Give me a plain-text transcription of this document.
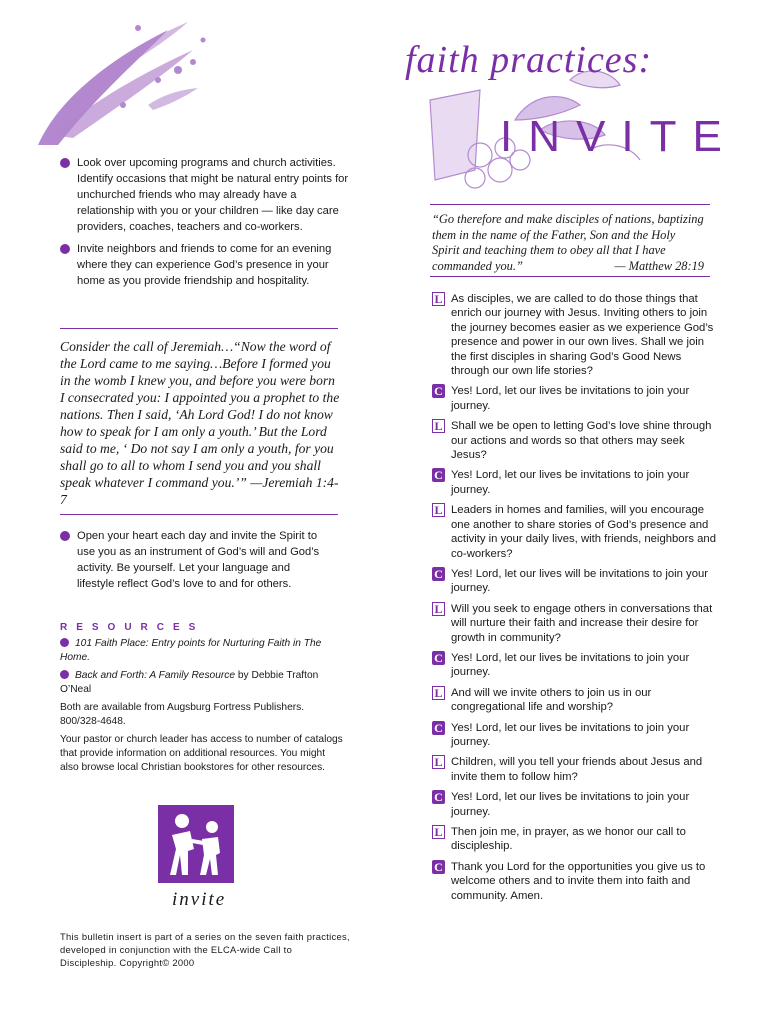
faith practices:
INVITE
Look over upcoming programs and church activities. Identify occasions that might be natural entry points for unchurched friends who may already have a relationship with you or your children — like day care providers, coaches, teachers and co-workers.
Invite neighbors and friends to come for an evening where they can experience God’s presence in your home as you provide friendship and hospitality.
Consider the call of Jeremiah…“Now the word of the Lord came to me saying…Before I formed you in the womb I knew you, and before you were born I consecrated you: I appointed you a prophet to the nations. Then I said, ‘Ah Lord God! I do not know how to speak for I am only a youth.’ But the Lord said to me, ‘ Do not say I am only a youth, for you shall go to all to whom I send you and you shall speak whatever I command you.’” —Jeremiah 1:4-7
Open your heart each day and invite the Spirit to use you as an instrument of God’s will and God’s activity. Be yourself. Let your language and lifestyle reflect God’s love to and for others.
RESOURCES

101 Faith Place: Entry points for Nurturing Faith in The Home.

Back and Forth: A Family Resource by Debbie Trafton O’Neal

Both are available from Augsburg Fortress Publishers. 800/328-4648.

Your pastor or church leader has access to number of catalogs that provide information on additional resources. You might also browse local Christian bookstores for other resources.

invite
This bulletin insert is part of a series on the seven faith practices, developed in conjunction with the ELCA-wide Call to Discipleship. Copyright© 2000
“Go therefore and make disciples of nations, baptizing them in the name of the Father, Son and the Holy Spirit and teaching them to obey all that I have commanded you.”	— Matthew 28:19
L As disciples, we are called to do those things that enrich our journey with Jesus. Inviting others to join the journey becomes easier as we experience God’s presence and power in our own lives. Shall we join the first disciples in sharing God’s Good News through our own life stories?
C Yes! Lord, let our lives be invitations to join your journey.
L Shall we be open to letting God’s love shine through our actions and words so that others may seek Jesus?
C Yes! Lord, let our lives be invitations to join your journey.
L Leaders in homes and families, will you encourage one another to share stories of God’s presence and activity in your daily lives, with friends, neighbors and co-workers?
C Yes! Lord, let our lives will be invitations to join your journey.
L Will you seek to engage others in conversations that will nurture their faith and increase their desire for growth in community?
C Yes! Lord, let our lives be invitations to join your journey.
L And will we invite others to join us in our congregational life and worship?
C Yes! Lord, let our lives be invitations to join your journey.
L Children, will you tell your friends about Jesus and invite them to follow him?
C Yes! Lord, let our lives be invitations to join your journey.
L Then join me, in prayer, as we honor our call to discipleship.
C Thank you Lord for the opportunities you give us to welcome others and to invite them into faith and community. Amen.
